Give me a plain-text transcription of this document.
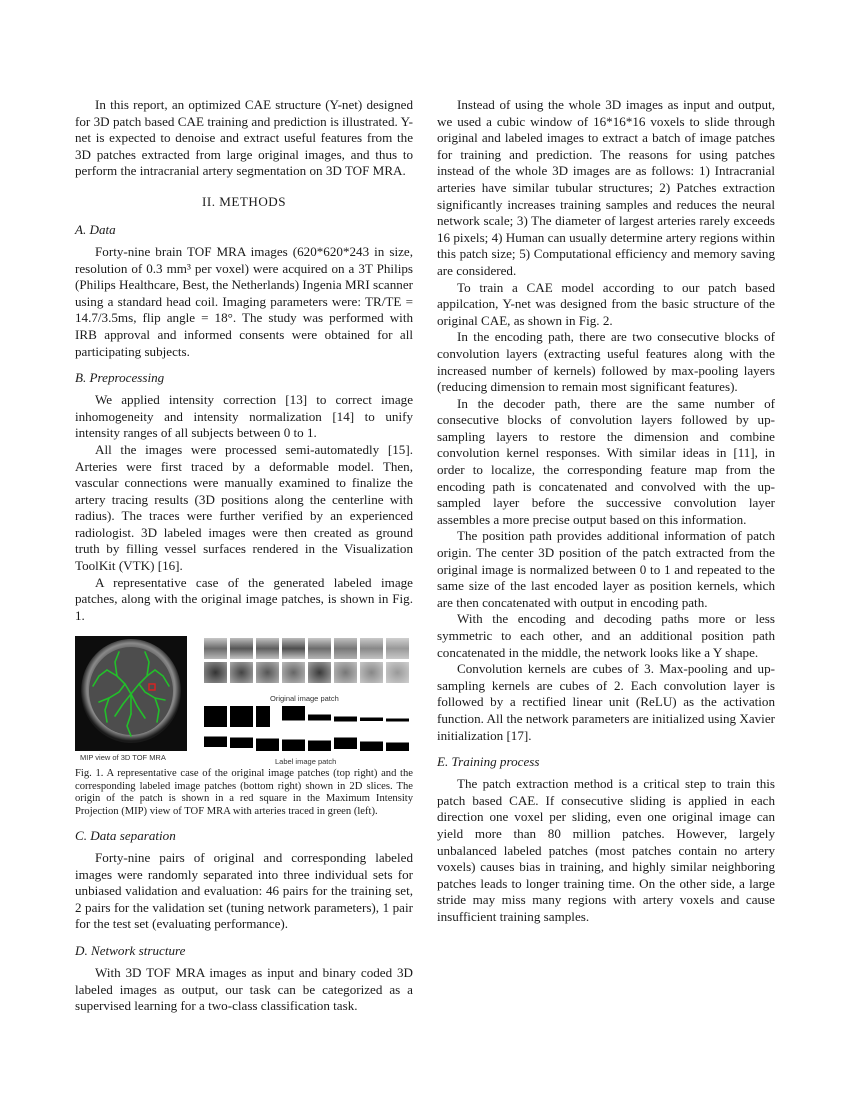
In this report, an optimized CAE structure (Y-net) designed for 3D patch based CAE training and prediction is illustrated. Y-net is expected to denoise and extract useful features from the 3D patches extracted from large original images, and thus to perform the intracranial artery segmentation on 3D TOF MRA.

II. METHODS
A. Data

Forty-nine brain TOF MRA images (620*620*243 in size, resolution of 0.3 mm³ per voxel) were acquired on a 3T Philips (Philips Healthcare, Best, the Netherlands) Ingenia MRI scanner using a standard head coil. Imaging parameters were: TR/TE = 14.7/3.5ms, flip angle = 18°. The study was performed with IRB approval and informed consents were obtained for all participating subjects.

B. Preprocessing

We applied intensity correction [13] to correct image inhomogeneity and intensity normalization [14] to unify intensity ranges of all subjects between 0 to 1.

All the images were processed semi-automatedly [15]. Arteries were first traced by a deformable model. Then, vascular connections were manually examined to finalize the artery tracing results (3D positions along the centerline with radius). The traces were further verified by an experienced radiologist. 3D labeled images were then created as ground truth by filling vessel surfaces rendered in the Visualization ToolKit (VTK) [16].

A representative case of the generated labeled image patches, along with the original image patches, is shown in Fig. 1.

MIP view of 3D TOF MRA
Original image patch
Label image patch

Fig. 1. A representative case of the original image patches (top right) and the corresponding labeled image patches (bottom right) shown in 2D slices. The origin of the patch is shown in a red square in the Maximum Intensity Projection (MIP) view of TOF MRA with arteries traced in green (left).

C. Data separation

Forty-nine pairs of original and corresponding labeled images were randomly separated into three individual sets for unbiased validation and evaluation: 46 pairs for the training set, 2 pairs for the validation set (tuning network parameters), 1 pair for the test set (evaluating performance).

D. Network structure

With 3D TOF MRA images as input and binary coded 3D labeled images as output, our task can be categorized as a supervised learning for a two-class classification task.

Instead of using the whole 3D images as input and output, we used a cubic window of 16*16*16 voxels to slide through original and labeled images to extract a batch of image patches for training and prediction. The reasons for using patches instead of the whole 3D images are as follows: 1) Intracranial arteries have similar tubular structures; 2) Patches extraction significantly increases training samples and reduces the neural network scale; 3) The diameter of largest arteries rarely exceeds 16 pixels; 4) Human can usually determine artery regions within this patch size; 5) Computational efficiency and memory saving are considered.

To train a CAE model according to our patch based appilcation, Y-net was designed from the basic structure of the original CAE, as shown in Fig. 2.

In the encoding path, there are two consecutive blocks of convolution layers (extracting useful features along with the increased number of kernels) followed by max-pooling layers (reducing dimension to remain most significant features).

In the decoder path, there are the same number of consecutive blocks of convolution layers followed by up-sampling layers to restore the dimension and combine convolution kernel responses. With similar ideas in [11], in order to localize, the corresponding feature map from the encoding path is concatenated and convolved with the up-sampled layer before the successive convolution layer assembles a more precise output based on this information.

The position path provides additional information of patch origin. The center 3D position of the patch extracted from the original image is normalized between 0 to 1 and repeated to the same size of the last encoded layer as position kernels, which are then concatenated with output in encoding path.

With the encoding and decoding paths more or less symmetric to each other, and an additional position path concatenated in the middle, the network looks like a Y shape.

Convolution kernels are cubes of 3. Max-pooling and up-sampling kernels are cubes of 2. Each convolution layer is followed by a rectified linear unit (ReLU) as the activation function. All the network parameters are initialized using Xavier initialization [17].

E. Training process

The patch extraction method is a critical step to train this patch based CAE. If consecutive sliding is applied in each direction one voxel per sliding, even one original image can yield more than 80 million patches. However, largely unbalanced labeled patches (most patches contain no artery voxels) causes bias in training, and highly similar neighboring patches leads to longer training time. On the other side, a large stride may miss many regions with artery voxels and cause insufficient training samples.
